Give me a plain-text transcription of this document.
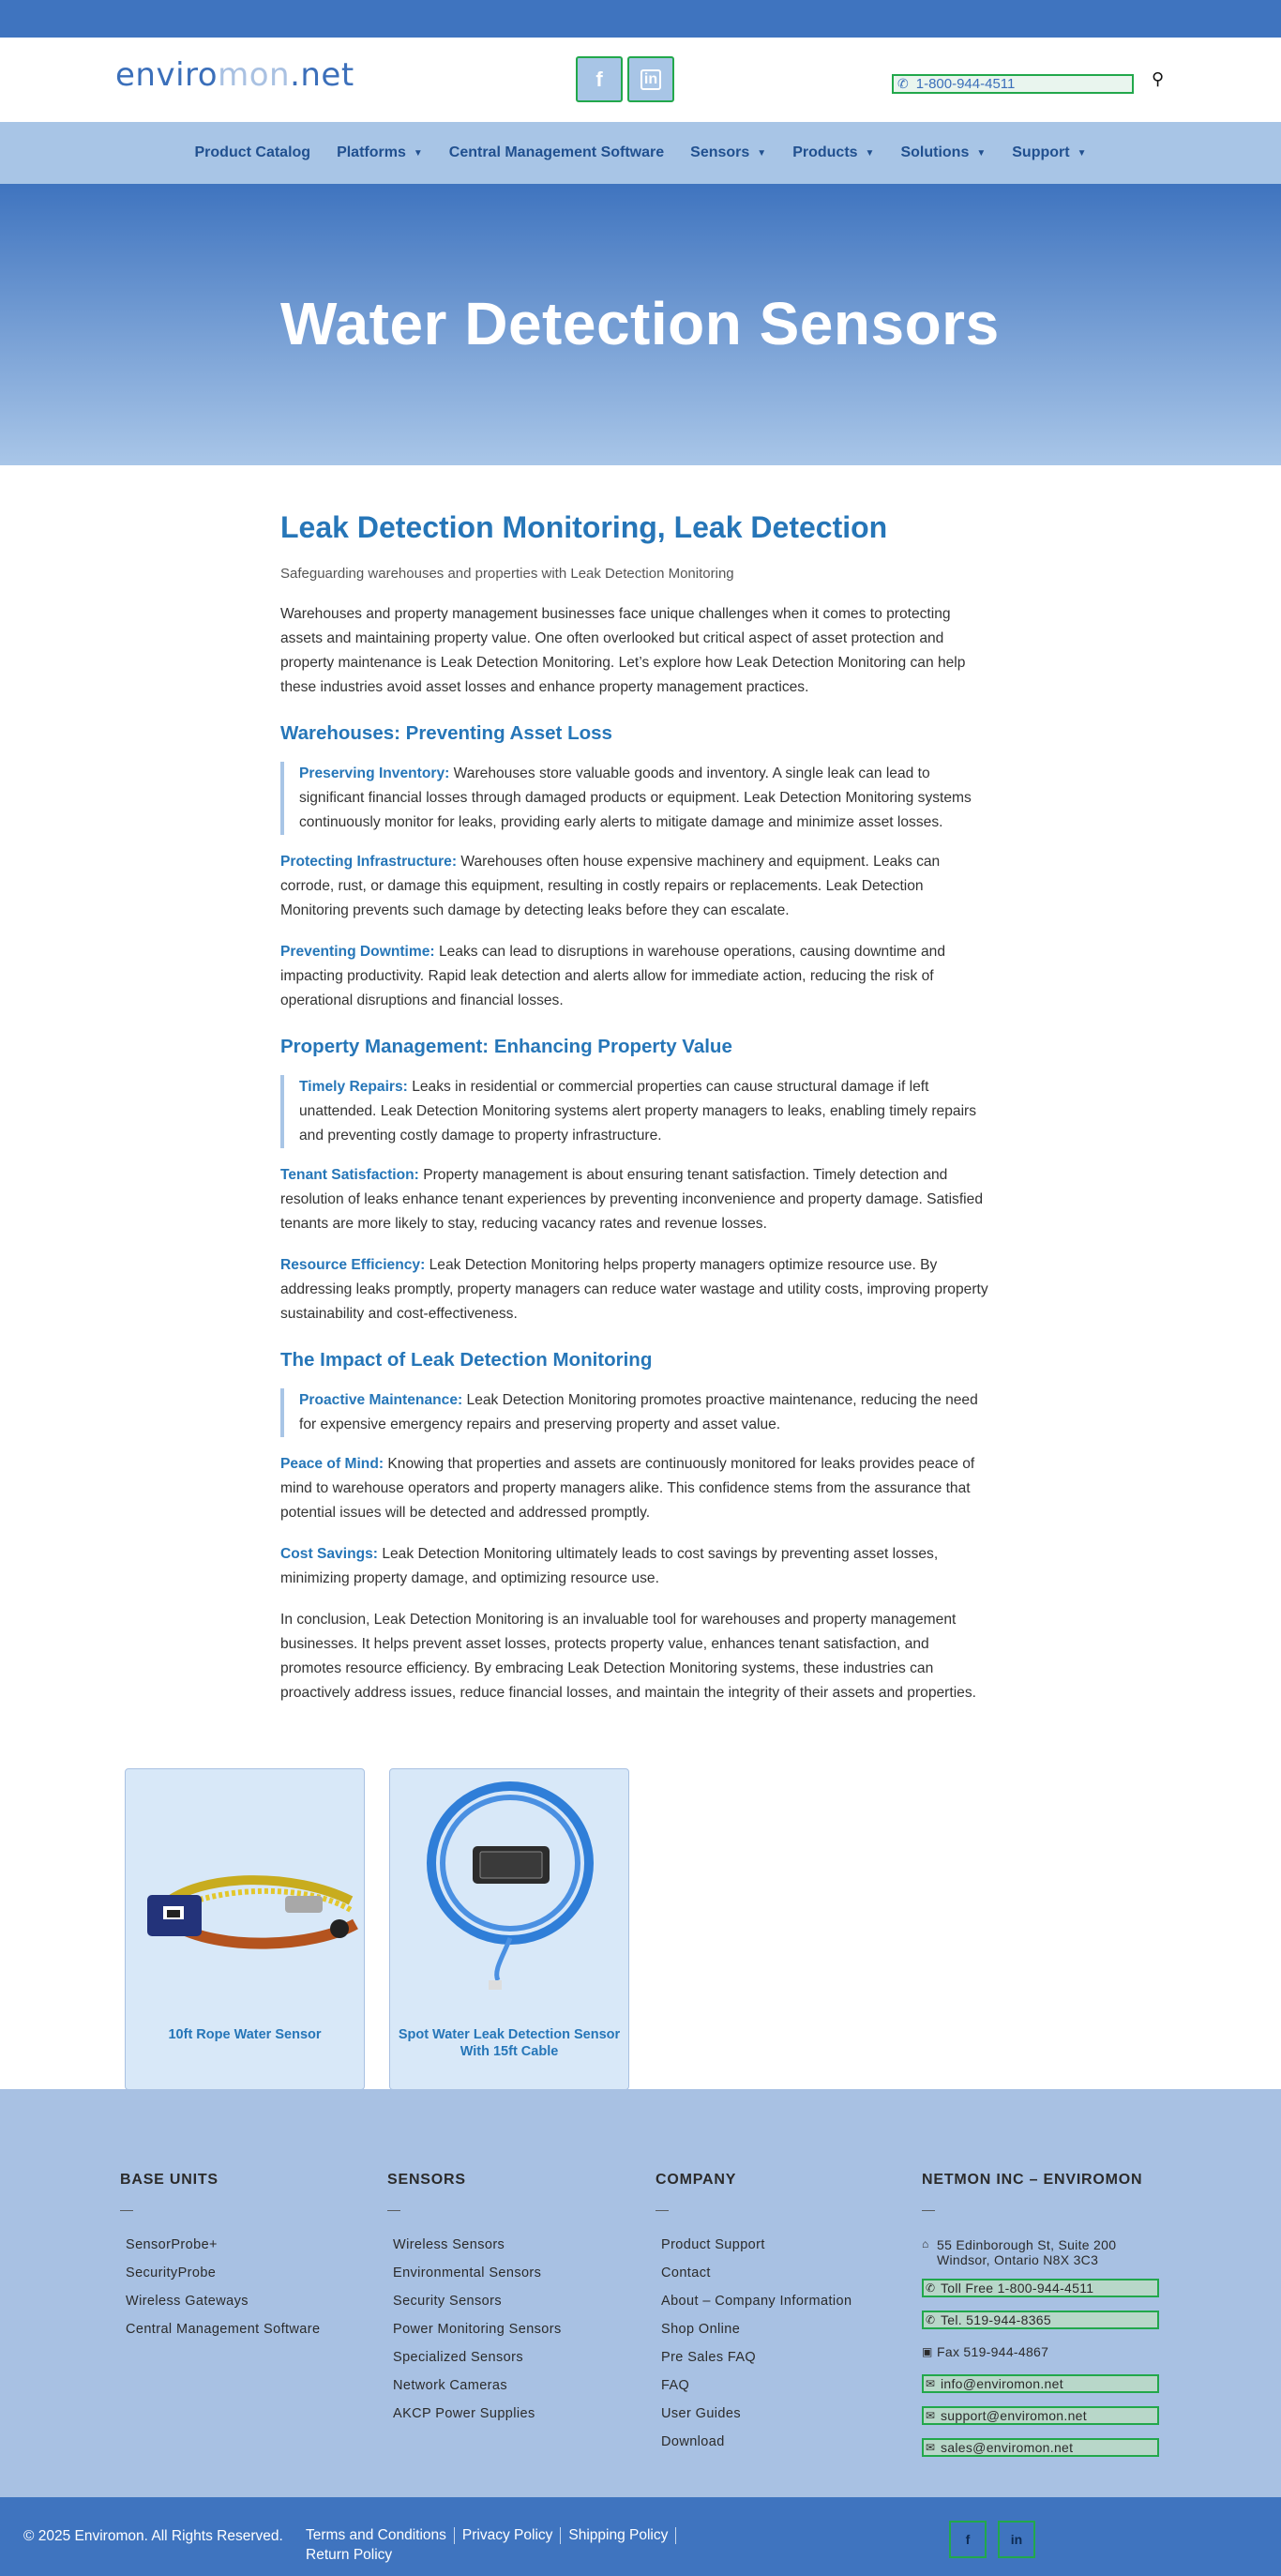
enviromon.net	f	in	✆ 1-800-944-4511	⚲
Product Catalog Platforms ▼ Central Management Software Sensors ▼ Products ▼ Solutions ▼ Support ▼
Water Detection Sensors
Leak Detection Monitoring, Leak Detection

Safeguarding warehouses and properties with Leak Detection Monitoring

Warehouses and property management businesses face unique challenges when it comes to protecting assets and maintaining property value. One often overlooked but critical aspect of asset protection and property maintenance is Leak Detection Monitoring. Let’s explore how Leak Detection Monitoring can help these industries avoid asset losses and enhance property management practices.

Warehouses: Preventing Asset Loss
Preserving Inventory: Warehouses store valuable goods and inventory. A single leak can lead to significant financial losses through damaged products or equipment. Leak Detection Monitoring systems continuously monitor for leaks, providing early alerts to mitigate damage and minimize asset losses.

Protecting Infrastructure: Warehouses often house expensive machinery and equipment. Leaks can corrode, rust, or damage this equipment, resulting in costly repairs or replacements. Leak Detection Monitoring prevents such damage by detecting leaks before they can escalate.

Preventing Downtime: Leaks can lead to disruptions in warehouse operations, causing downtime and impacting productivity. Rapid leak detection and alerts allow for immediate action, reducing the risk of operational disruptions and financial losses.

Property Management: Enhancing Property Value
Timely Repairs: Leaks in residential or commercial properties can cause structural damage if left unattended. Leak Detection Monitoring systems alert property managers to leaks, enabling timely repairs and preventing costly damage to property infrastructure.

Tenant Satisfaction: Property management is about ensuring tenant satisfaction. Timely detection and resolution of leaks enhance tenant experiences by preventing inconvenience and property damage. Satisfied tenants are more likely to stay, reducing vacancy rates and revenue losses.

Resource Efficiency: Leak Detection Monitoring helps property managers optimize resource use. By addressing leaks promptly, property managers can reduce water wastage and utility costs, improving property sustainability and cost-effectiveness.

The Impact of Leak Detection Monitoring
Proactive Maintenance: Leak Detection Monitoring promotes proactive maintenance, reducing the need for expensive emergency repairs and preserving property and asset value.

Peace of Mind: Knowing that properties and assets are continuously monitored for leaks provides peace of mind to warehouse operators and property managers alike. This confidence stems from the assurance that potential issues will be detected and addressed promptly.

Cost Savings: Leak Detection Monitoring ultimately leads to cost savings by preventing asset losses, minimizing property damage, and optimizing resource use.

In conclusion, Leak Detection Monitoring is an invaluable tool for warehouses and property management businesses. It helps prevent asset losses, protects property value, enhances tenant satisfaction, and promotes resource efficiency. By embracing Leak Detection Monitoring systems, these industries can proactively address issues, reduce financial losses, and maintain the integrity of their assets and properties.

10ft Rope Water Sensor	Spot Water Leak Detection Sensor With 15ft Cable
BASE UNITS
—
SensorProbe+
SecurityProbe
Wireless Gateways
Central Management Software
SENSORS
—
Wireless Sensors
Environmental Sensors
Security Sensors
Power Monitoring Sensors
Specialized Sensors
Network Cameras
AKCP Power Supplies
COMPANY
—
Product Support
Contact
About – Company Information
Shop Online
Pre Sales FAQ
FAQ
User Guides
Download
NETMON INC – ENVIROMON
—
⌂ 55 Edinborough St, Suite 200
Windsor, Ontario N8X 3C3
✆ Toll Free 1-800-944-4511
✆ Tel. 519-944-8365
▣ Fax 519-944-4867
✉ info@enviromon.net
✉ support@enviromon.net
✉ sales@enviromon.net
© 2025 Enviromon. All Rights Reserved.	Terms and Conditions	Privacy Policy	Shipping Policy
Return Policy
f	in
